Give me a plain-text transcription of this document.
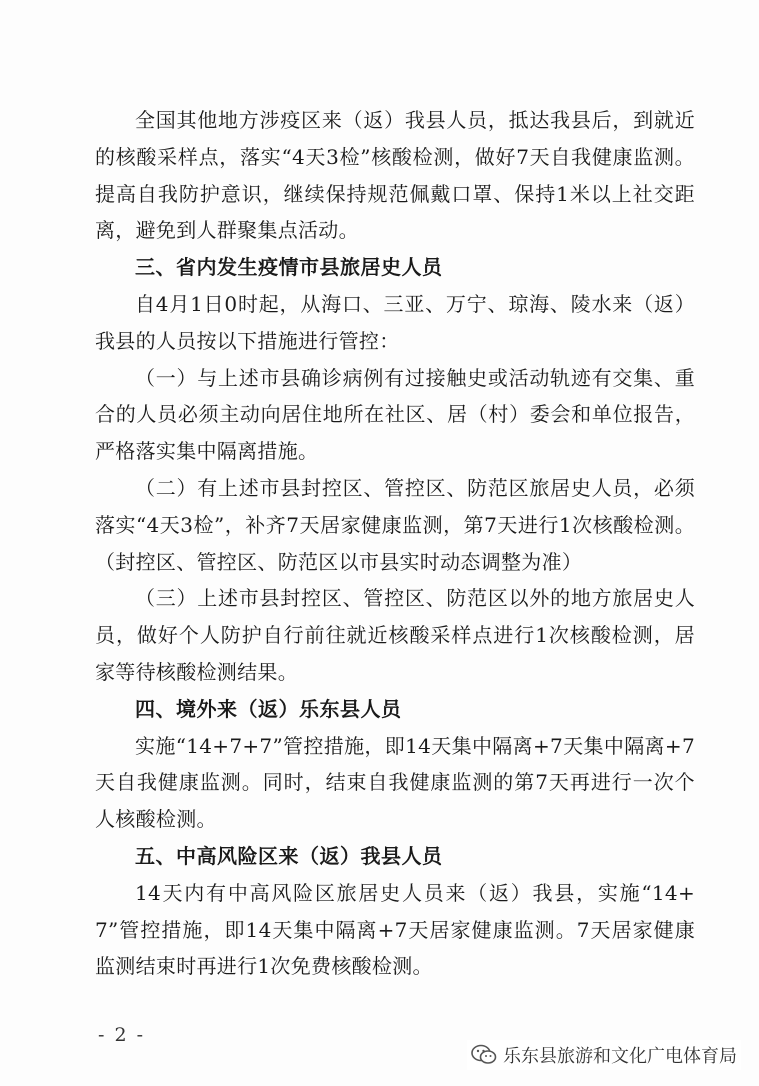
全国其他地方涉疫区来（返）我县人员，抵达我县后，到就近的核酸采样点，落实“4天3检”核酸检测，做好7天自我健康监测。提高自我防护意识，继续保持规范佩戴口罩、保持1米以上社交距离，避免到人群聚集点活动。

三、省内发生疫情市县旅居史人员

自4月1日0时起，从海口、三亚、万宁、琼海、陵水来（返）我县的人员按以下措施进行管控：

（一）与上述市县确诊病例有过接触史或活动轨迹有交集、重合的人员必须主动向居住地所在社区、居（村）委会和单位报告，严格落实集中隔离措施。

（二）有上述市县封控区、管控区、防范区旅居史人员，必须落实“4天3检”，补齐7天居家健康监测，第7天进行1次核酸检测。（封控区、管控区、防范区以市县实时动态调整为准）

（三）上述市县封控区、管控区、防范区以外的地方旅居史人员，做好个人防护自行前往就近核酸采样点进行1次核酸检测，居家等待核酸检测结果。

四、境外来（返）乐东县人员

实施“14+7+7”管控措施，即14天集中隔离+7天集中隔离+7天自我健康监测。同时，结束自我健康监测的第7天再进行一次个人核酸检测。

五、中高风险区来（返）我县人员

14天内有中高风险区旅居史人员来（返）我县，实施“14+7”管控措施，即14天集中隔离+7天居家健康监测。7天居家健康监测结束时再进行1次免费核酸检测。

- 2 -
乐东县旅游和文化广电体育局
